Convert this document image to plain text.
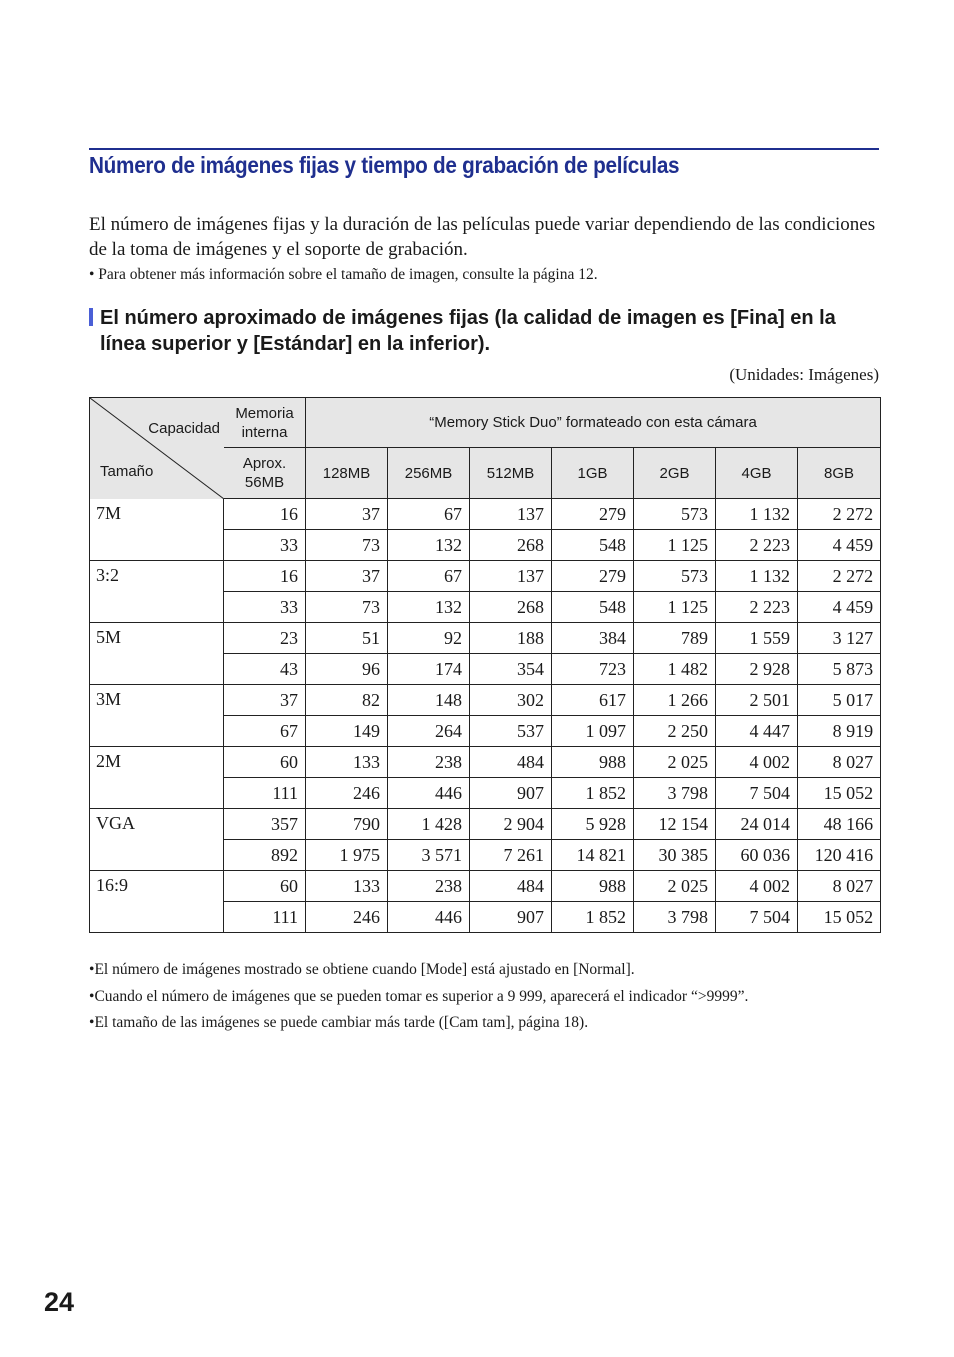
Número de imágenes fijas y tiempo de grabación de películas

El número de imágenes fijas y la duración de las películas puede variar dependiendo de las condiciones de la toma de imágenes y el soporte de grabación.

• Para obtener más información sobre el tamaño de imagen, consulte la página 12.

El número aproximado de imágenes fijas (la calidad de imagen es [Fina] en la línea superior y [Estándar] en la inferior).
(Unidades: Imágenes)
Capacidad
Tamaño	Memoria interna	“Memory Stick Duo” formateado con esta cámara						
	Aprox. 56MB	128MB	256MB	512MB	1GB	2GB	4GB	8GB
7M	16	37	67	137	279	573	1 132	2 272
	33	73	132	268	548	1 125	2 223	4 459
3:2	16	37	67	137	279	573	1 132	2 272
	33	73	132	268	548	1 125	2 223	4 459
5M	23	51	92	188	384	789	1 559	3 127
	43	96	174	354	723	1 482	2 928	5 873
3M	37	82	148	302	617	1 266	2 501	5 017
	67	149	264	537	1 097	2 250	4 447	8 919
2M	60	133	238	484	988	2 025	4 002	8 027
	111	246	446	907	1 852	3 798	7 504	15 052
VGA	357	790	1 428	2 904	5 928	12 154	24 014	48 166
	892	1 975	3 571	7 261	14 821	30 385	60 036	120 416
16:9	60	133	238	484	988	2 025	4 002	8 027
	111	246	446	907	1 852	3 798	7 504	15 052
• El número de imágenes mostrado se obtiene cuando [Mode] está ajustado en [Normal].
• Cuando el número de imágenes que se pueden tomar es superior a 9 999, aparecerá el indicador “>9999”.
• El tamaño de las imágenes se puede cambiar más tarde ([Cam tam], página 18).
24
